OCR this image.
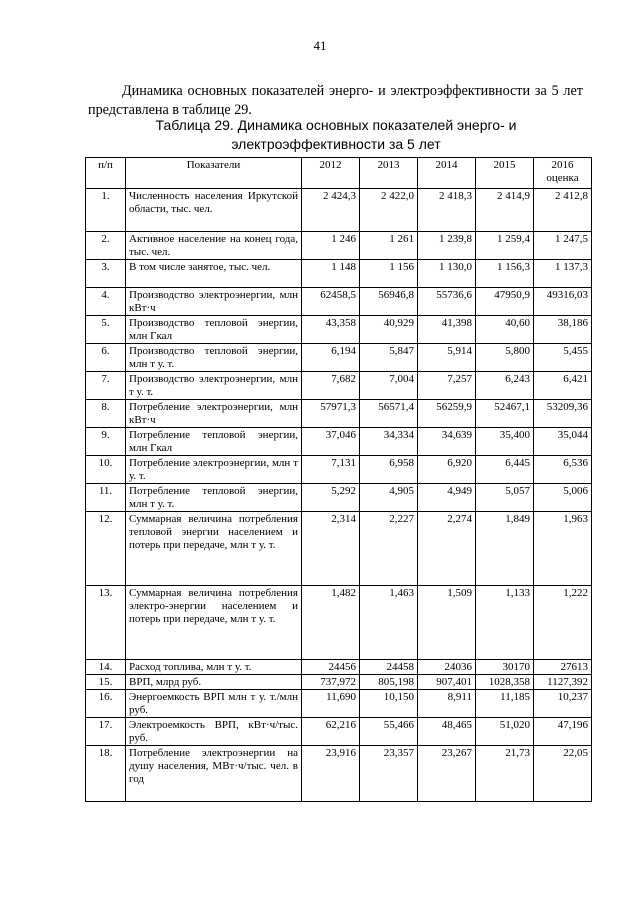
41

Динамика основных показателей энерго- и электроэффективности за 5 лет представлена в таблице 29.

Таблица 29. Динамика основных показателей энерго- и
электроэффективности за 5 лет
п/п	Показатели	2012	2013	2014	2015	2016 оценка
1.	Численность населения Иркутской области, тыс. чел.	2 424,3	2 422,0	2 418,3	2 414,9	2 412,8
2.	Активное население на конец года, тыс. чел.	1 246	1 261	1 239,8	1 259,4	1 247,5
3.	В том числе занятое, тыс. чел.	1 148	1 156	1 130,0	1 156,3	1 137,3
4.	Производство электроэнергии, млн кВт·ч	62458,5	56946,8	55736,6	47950,9	49316,03
5.	Производство тепловой энергии, млн Гкал	43,358	40,929	41,398	40,60	38,186
6.	Производство тепловой энергии, млн т у. т.	6,194	5,847	5,914	5,800	5,455
7.	Производство электроэнергии, млн т у. т.	7,682	7,004	7,257	6,243	6,421
8.	Потребление электроэнергии, млн кВт·ч	57971,3	56571,4	56259,9	52467,1	53209,36
9.	Потребление тепловой энергии, млн Гкал	37,046	34,334	34,639	35,400	35,044
10.	Потребление электроэнергии, млн т у. т.	7,131	6,958	6,920	6,445	6,536
11.	Потребление тепловой энергии, млн т у. т.	5,292	4,905	4,949	5,057	5,006
12.	Суммарная величина потребления тепловой энергии населением и потерь при передаче, млн т у. т.	2,314	2,227	2,274	1,849	1,963
13.	Суммарная величина потребления электро-энергии населением и потерь при передаче, млн т у. т.	1,482	1,463	1,509	1,133	1,222
14.	Расход топлива, млн т у. т.	24456	24458	24036	30170	27613
15.	ВРП, млрд руб.	737,972	805,198	907,401	1028,358	1127,392
16.	Энергоемкость ВРП млн т у. т./млн руб.	11,690	10,150	8,911	11,185	10,237
17.	Электроемкость ВРП, кВт·ч/тыс. руб.	62,216	55,466	48,465	51,020	47,196
18.	Потребление электроэнергии на душу населения, МВт·ч/тыс. чел. в год	23,916	23,357	23,267	21,73	22,05
